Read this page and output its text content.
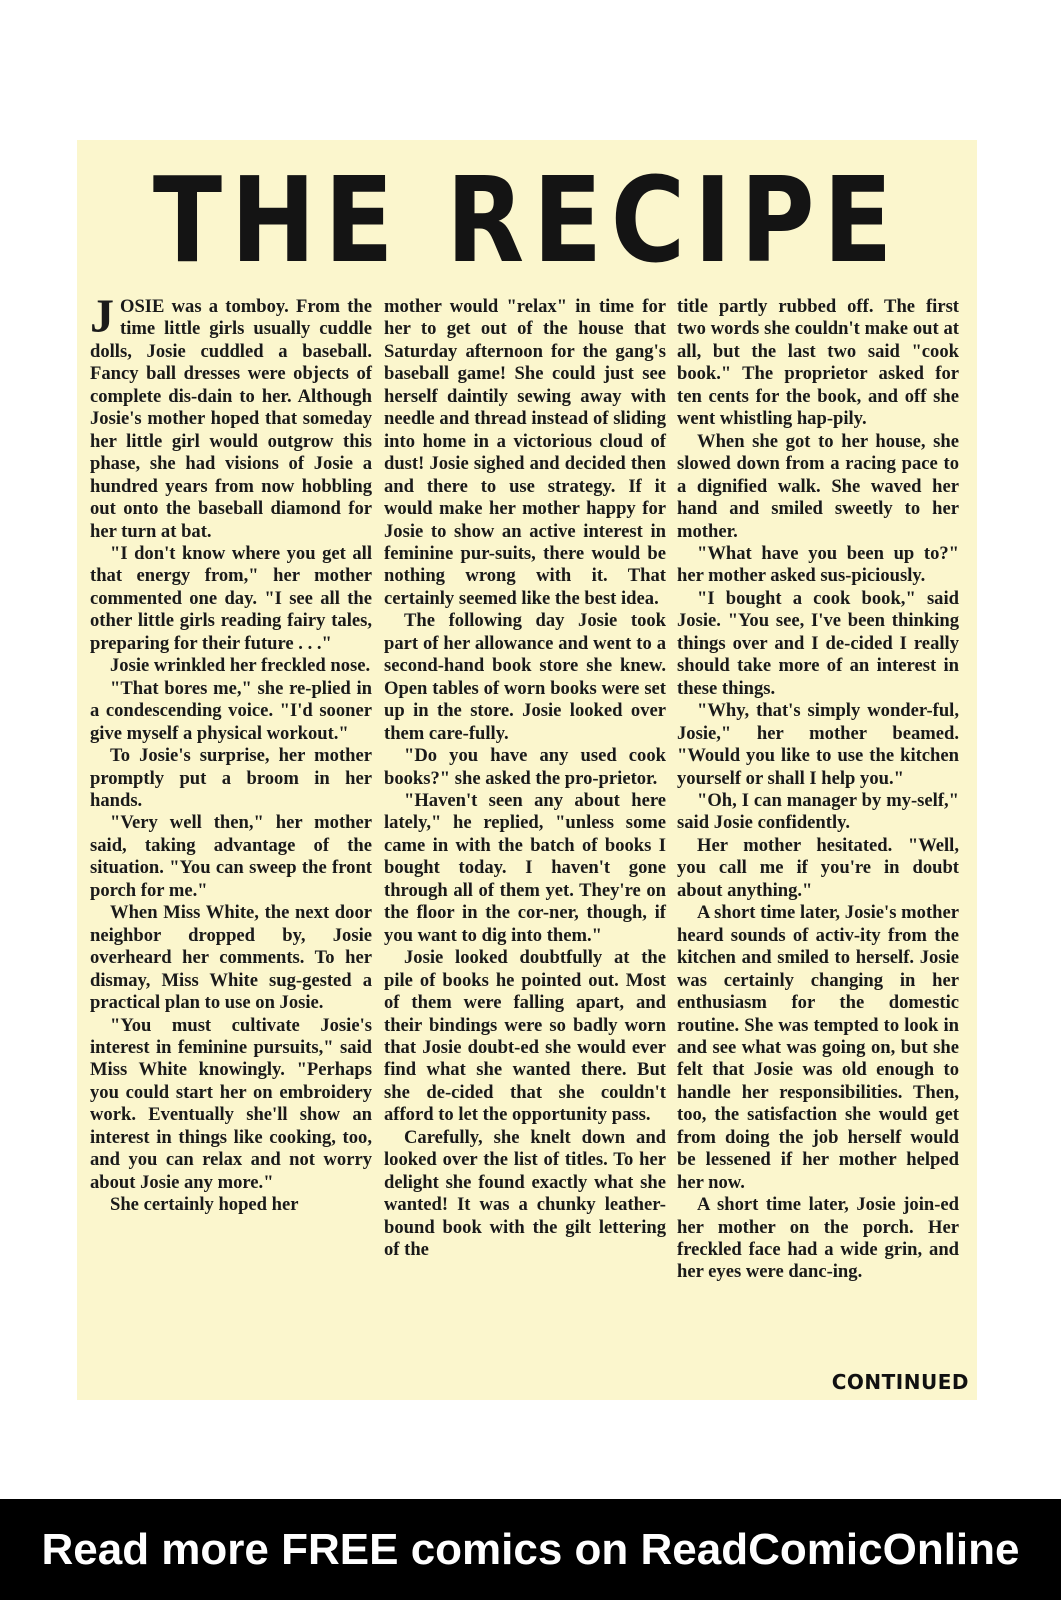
THE RECIPE

JOSIE was a tomboy. From the time little girls usually cuddle dolls, Josie cuddled a baseball. Fancy ball dresses were objects of complete dis-dain to her. Although Josie's mother hoped that someday her little girl would outgrow this phase, she had visions of Josie a hundred years from now hobbling out onto the baseball diamond for her turn at bat.

"I don't know where you get all that energy from," her mother commented one day. "I see all the other little girls reading fairy tales, preparing for their future . . ."

Josie wrinkled her freckled nose.

"That bores me," she re-plied in a condescending voice. "I'd sooner give myself a physical workout."

To Josie's surprise, her mother promptly put a broom in her hands.

"Very well then," her mother said, taking advantage of the situation. "You can sweep the front porch for me."

When Miss White, the next door neighbor dropped by, Josie overheard her comments. To her dismay, Miss White sug-gested a practical plan to use on Josie.

"You must cultivate Josie's interest in feminine pursuits," said Miss White knowingly. "Perhaps you could start her on embroidery work. Eventually she'll show an interest in things like cooking, too, and you can relax and not worry about Josie any more."

She certainly hoped her

mother would "relax" in time for her to get out of the house that Saturday afternoon for the gang's baseball game! She could just see herself daintily sewing away with needle and thread instead of sliding into home in a victorious cloud of dust! Josie sighed and decided then and there to use strategy. If it would make her mother happy for Josie to show an active interest in feminine pur-suits, there would be nothing wrong with it. That certainly seemed like the best idea.

The following day Josie took part of her allowance and went to a second-hand book store she knew. Open tables of worn books were set up in the store. Josie looked over them care-fully.

"Do you have any used cook books?" she asked the pro-prietor.

"Haven't seen any about here lately," he replied, "unless some came in with the batch of books I bought today. I haven't gone through all of them yet. They're on the floor in the cor-ner, though, if you want to dig into them."

Josie looked doubtfully at the pile of books he pointed out. Most of them were falling apart, and their bindings were so badly worn that Josie doubt-ed she would ever find what she wanted there. But she de-cided that she couldn't afford to let the opportunity pass.

Carefully, she knelt down and looked over the list of titles. To her delight she found exactly what she wanted! It was a chunky leather-bound book with the gilt lettering of the

title partly rubbed off. The first two words she couldn't make out at all, but the last two said "cook book." The proprietor asked for ten cents for the book, and off she went whistling hap-pily.

When she got to her house, she slowed down from a racing pace to a dignified walk. She waved her hand and smiled sweetly to her mother.

"What have you been up to?" her mother asked sus-piciously.

"I bought a cook book," said Josie. "You see, I've been thinking things over and I de-cided I really should take more of an interest in these things.

"Why, that's simply wonder-ful, Josie," her mother beamed. "Would you like to use the kitchen yourself or shall I help you."

"Oh, I can manager by my-self," said Josie confidently.

Her mother hesitated. "Well, you call me if you're in doubt about anything."

A short time later, Josie's mother heard sounds of activ-ity from the kitchen and smiled to herself. Josie was certainly changing in her enthusiasm for the domestic routine. She was tempted to look in and see what was going on, but she felt that Josie was old enough to handle her responsibilities. Then, too, the satisfaction she would get from doing the job herself would be lessened if her mother helped her now.

A short time later, Josie join-ed her mother on the porch. Her freckled face had a wide grin, and her eyes were danc-ing.

CONTINUED
Read more FREE comics on ReadComicOnline
